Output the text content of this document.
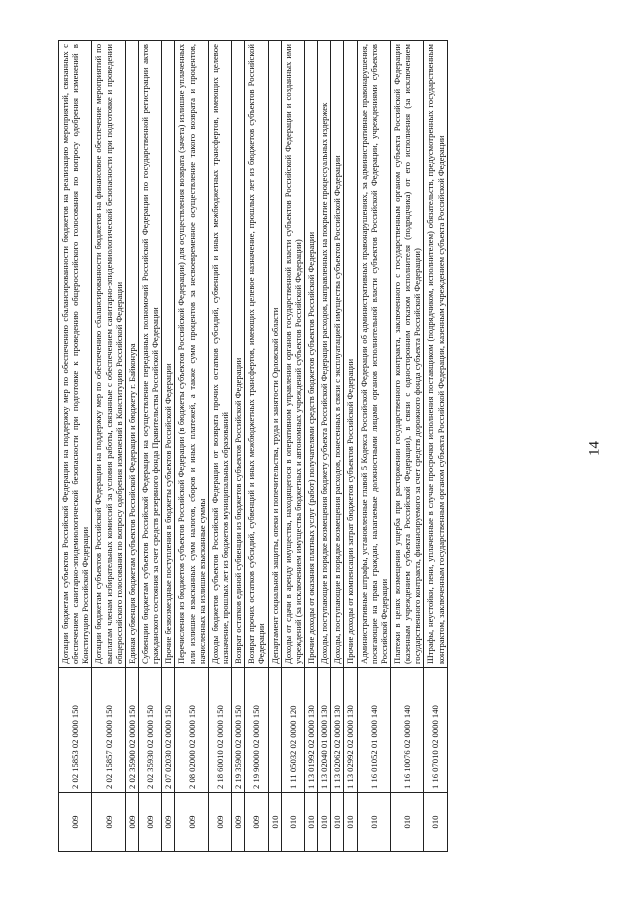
14
009	2 02 15853 02 0000 150	Дотации бюджетам субъектов Российской Федерации на поддержку мер по обеспечению сбалансированности бюджетов на реализацию мероприятий, связанных с обеспечением санитарно-эпидемиологической безопасности при подготовке к проведению общероссийского голосования по вопросу одобрения изменений в Конституцию Российской Федерации
009	2 02 15857 02 0000 150	Дотации бюджетам субъектов Российской Федерации на поддержку мер по обеспечению сбалансированности бюджетов на финансовое обеспечение мероприятий по выплатам членам избирательных комиссий за условия работы, связанные с обеспечением санитарно-эпидемиологической безопасности при подготовке и проведении общероссийского голосования по вопросу одобрения изменений в Конституцию Российской Федерации
009	2 02 35900 02 0000 150	Единая субвенция бюджетам субъектов Российской Федерации и бюджету г. Байконура
009	2 02 35930 02 0000 150	Субвенции бюджетам субъектов Российской Федерации на осуществление переданных полномочий Российской Федерации по государственной регистрации актов гражданского состояния за счет средств резервного фонда Правительства Российской Федерации
009	2 07 02030 02 0000 150	Прочие безвозмездные поступления в бюджеты субъектов Российской Федерации
009	2 08 02000 02 0000 150	Перечисления из бюджетов субъектов Российской Федерации (в бюджеты субъектов Российской Федерации) для осуществления возврата (зачета) излишне уплаченных или излишне взысканных сумм налогов, сборов и иных платежей, а также сумм процентов за несвоевременное осуществление такого возврата и процентов, начисленных на излишне взысканные суммы
009	2 18 60010 02 0000 150	Доходы бюджетов субъектов Российской Федерации от возврата прочих остатков субсидий, субвенций и иных межбюджетных трансфертов, имеющих целевое назначение, прошлых лет из бюджетов муниципальных образований
009	2 19 35900 02 0000 150	Возврат остатков единой субвенции из бюджетов субъектов Российской Федерации
009	2 19 90000 02 0000 150	Возврат прочих остатков субсидий, субвенций и иных межбюджетных трансфертов, имеющих целевое назначение, прошлых лет из бюджетов субъектов Российской Федерации
010		Департамент социальной защиты, опеки и попечительства, труда и занятости Орловской области
010	1 11 05032 02 0000 120	Доходы от сдачи в аренду имущества, находящегося в оперативном управлении органов государственной власти субъектов Российской Федерации и созданных ими учреждений (за исключением имущества бюджетных и автономных учреждений субъектов Российской Федерации)
010	1 13 01992 02 0000 130	Прочие доходы от оказания платных услуг (работ) получателями средств бюджетов субъектов Российской Федерации
010	1 13 02040 01 0000 130	Доходы, поступающие в порядке возмещения бюджету субъекта Российской Федерации расходов, направленных на покрытие процессуальных издержек
010	1 13 02062 02 0000 130	Доходы, поступающие в порядке возмещения расходов, понесенных в связи с эксплуатацией имущества субъектов Российской Федерации
010	1 13 02992 02 0000 130	Прочие доходы от компенсации затрат бюджетов субъектов Российской Федерации
010	1 16 01052 01 0000 140	Административные штрафы, установленные главой 5 Кодекса Российской Федерации об административных правонарушениях, за административные правонарушения, посягающие на права граждан, налагаемые должностными лицами органов исполнительной власти субъектов Российской Федерации, учреждениями субъектов Российской Федерации
010	1 16 10076 02 0000 140	Платежи в целях возмещения ущерба при расторжении государственного контракта, заключенного с государственным органом субъекта Российской Федерации (казенным учреждением субъекта Российской Федерации), в связи с односторонним отказом исполнителя (подрядчика) от его исполнения (за исключением государственного контракта, финансируемого за счет средств дорожного фонда субъекта Российской Федерации)
010	1 16 07010 02 0000 140	Штрафы, неустойки, пени, уплаченные в случае просрочки исполнения поставщиком (подрядчиком, исполнителем) обязательств, предусмотренных государственным контрактом, заключенным государственным органом субъекта Российской Федерации, казенным учреждением субъекта Российской Федерации
